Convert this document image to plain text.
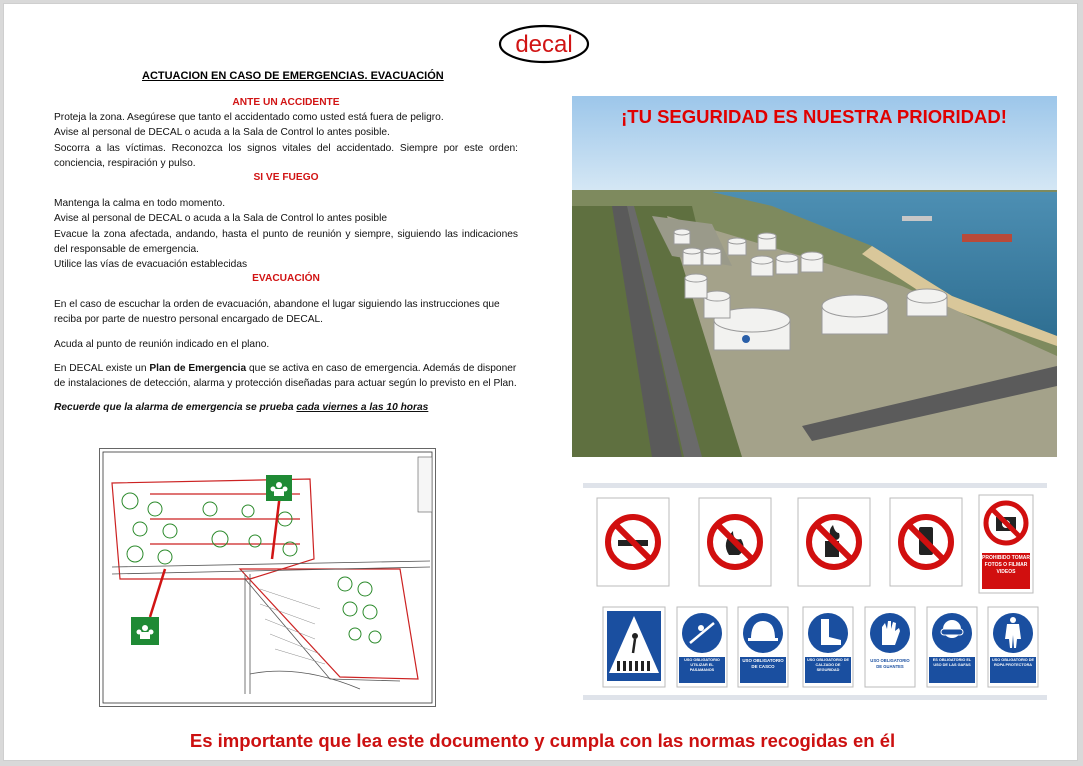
decal
ACTUACION EN CASO DE EMERGENCIAS. EVACUACIÓN

ANTE UN ACCIDENTE

Proteja la zona. Asegúrese que tanto el accidentado como usted está fuera de peligro.

Avise al personal de DECAL o acuda a la Sala de Control lo antes posible.

Socorra a las víctimas. Reconozca los signos vitales del accidentado. Siempre por este orden: conciencia, respiración y pulso.

SI VE FUEGO

Mantenga la calma en todo momento.

Avise al personal de DECAL o acuda a la Sala de Control lo antes posible

Evacue la zona afectada, andando, hasta el punto de reunión y siempre, siguiendo las indicaciones del responsable de emergencia.

Utilice las vías de evacuación establecidas

EVACUACIÓN

En el caso de escuchar la orden de evacuación, abandone el lugar siguiendo las instrucciones que reciba por parte de nuestro personal encargado de DECAL.

Acuda al punto de reunión indicado en el plano.

En DECAL existe un Plan de Emergencia que se activa en caso de emergencia. Además de disponer de instalaciones de detección, alarma y protección diseñadas para actuar según lo previsto en el Plan.

Recuerde que la alarma de emergencia se prueba cada viernes a las 10 horas

¡TU SEGURIDAD ES NUESTRA PRIORIDAD!
PROHIBIDO TOMAR FOTOS O FILMAR VIDEOS
USO OBLIGATORIO UTILIZAR EL PASAMANOS
USO OBLIGATORIO DE CASCO
USO OBLIGATORIO DE CALZADO DE SEGURIDAD
USO OBLIGATORIO DE GUANTES
ES OBLIGATORIO EL USO DE LAS GAFAS
USO OBLIGATORIO DE ROPA PROTECTORA
Es importante que lea este documento y cumpla con las normas recogidas en él
